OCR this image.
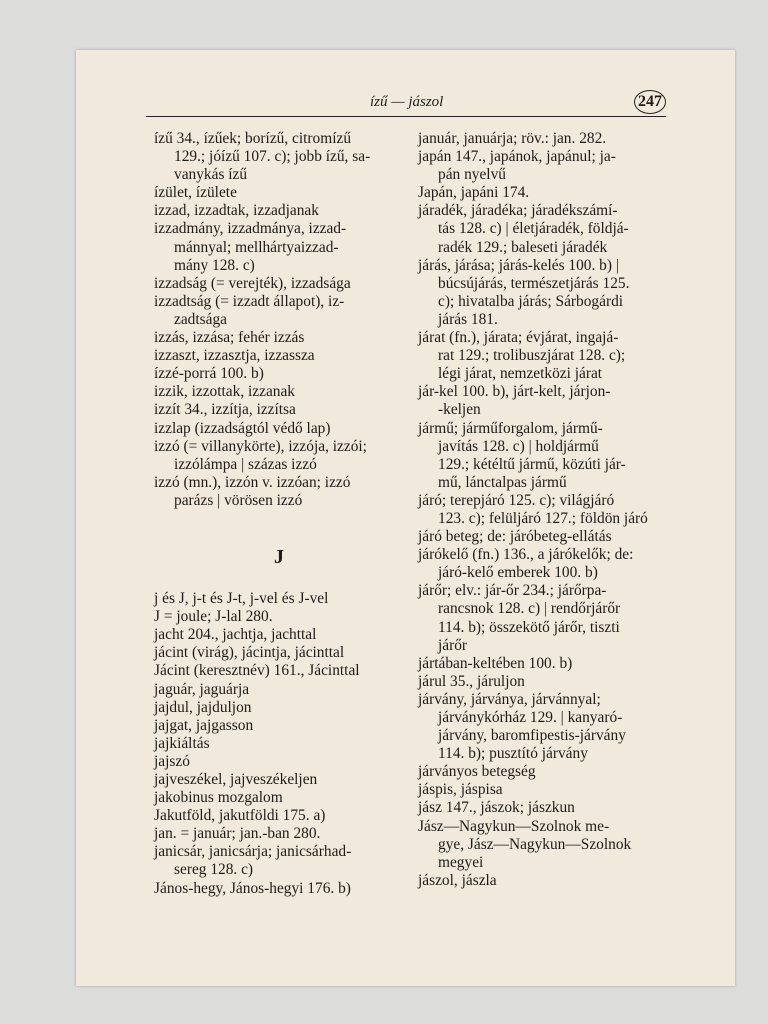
ízű — jászol	247
ízű 34., ízűek; borízű, citromízű
129.; jóízű 107. c); jobb ízű, sa-
vanykás ízű
ízület, ízülete
izzad, izzadtak, izzadjanak
izzadmány, izzadmánya, izzad-
mánnyal; mellhártyaizzad-
mány 128. c)
izzadság (= verejték), izzadsága
izzadtság (= izzadt állapot), iz-
zadtsága
izzás, izzása; fehér izzás
izzaszt, izzasztja, izzassza
ízzé-porrá 100. b)
izzik, izzottak, izzanak
izzít 34., izzítja, izzítsa
izzlap (izzadságtól védő lap)
izzó (= villanykörte), izzója, izzói;
izzólámpa | százas izzó
izzó (mn.), izzón v. izzóan; izzó
parázs | vörösen izzó
J
j és J, j-t és J-t, j-vel és J-vel
J = joule; J-lal 280.
jacht 204., jachtja, jachttal
jácint (virág), jácintja, jácinttal
Jácint (keresztnév) 161., Jácinttal
jaguár, jaguárja
jajdul, jajduljon
jajgat, jajgasson
jajkiáltás
jajszó
jajveszékel, jajveszékeljen
jakobinus mozgalom
Jakutföld, jakutföldi 175. a)
jan. = január; jan.-ban 280.
janicsár, janicsárja; janicsárhad-
sereg 128. c)
János-hegy, János-hegyi 176. b)
január, januárja; röv.: jan. 282.
japán 147., japánok, japánul; ja-
pán nyelvű
Japán, japáni 174.
járadék, járadéka; járadékszámí-
tás 128. c) | életjáradék, földjá-
radék 129.; baleseti járadék
járás, járása; járás-kelés 100. b) |
búcsújárás, természetjárás 125.
c); hivatalba járás; Sárbogárdi
járás 181.
járat (fn.), járata; évjárat, ingajá-
rat 129.; trolibuszjárat 128. c);
légi járat, nemzetközi járat
jár-kel 100. b), járt-kelt, járjon-
-keljen
jármű; járműforgalom, jármű-
javítás 128. c) | holdjármű
129.; kétéltű jármű, közúti jár-
mű, lánctalpas jármű
járó; terepjáró 125. c); világjáró
123. c); felüljáró 127.; földön járó
járó beteg; de: járóbeteg-ellátás
járókelő (fn.) 136., a járókelők; de:
járó-kelő emberek 100. b)
járőr; elv.: jár-őr 234.; járőrpa-
rancsnok 128. c) | rendőrjárőr
114. b); összekötő járőr, tiszti
járőr
jártában-keltében 100. b)
járul 35., járuljon
járvány, járványa, járvánnyal;
járványkórház 129. | kanyaró-
járvány, baromfipestis-járvány
114. b); pusztító járvány
járványos betegség
jáspis, jáspisa
jász 147., jászok; jászkun
Jász—Nagykun—Szolnok me-
gye, Jász—Nagykun—Szolnok
megyei
jászol, jászla
